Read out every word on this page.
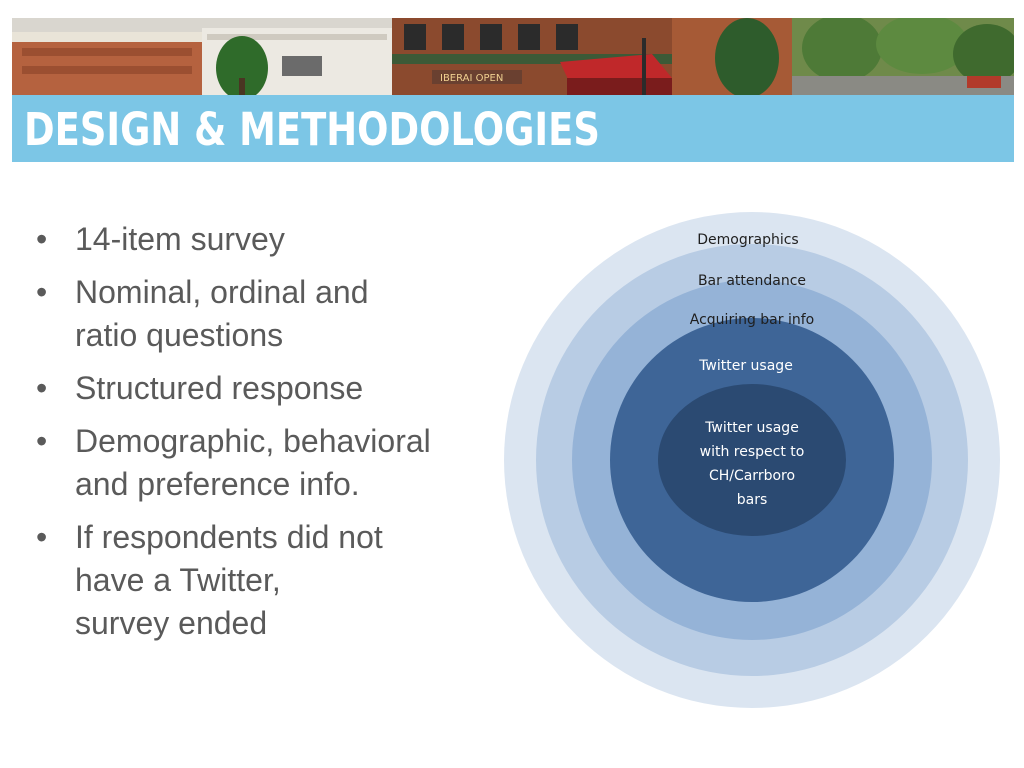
IBERAI OPEN
DESIGN & METHODOLOGIES
• 14-item survey
• Nominal, ordinal and
ratio questions
• Structured response
• Demographic, behavioral
and preference info.
• If respondents did not
have a Twitter,
survey ended
Demographics
Bar attendance
Acquiring bar info
Twitter usage
Twitter usage
with respect to
CH/Carrboro
bars
